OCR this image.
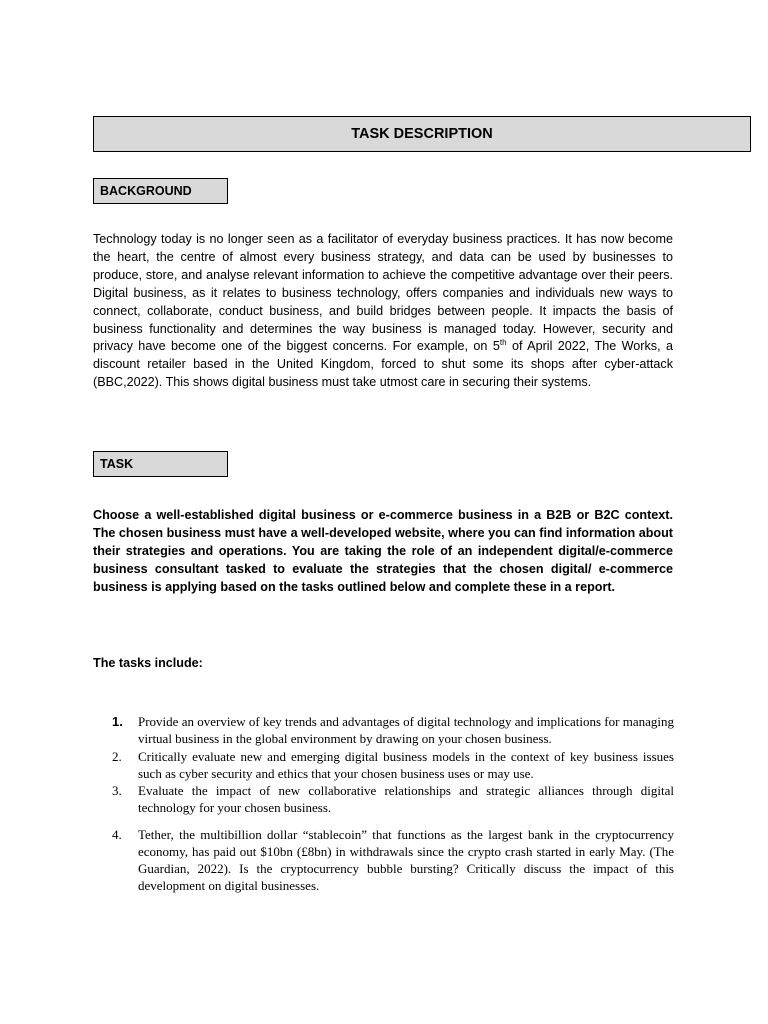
TASK DESCRIPTION
BACKGROUND
Technology today is no longer seen as a facilitator of everyday business practices. It has now become the heart, the centre of almost every business strategy, and data can be used by businesses to produce, store, and analyse relevant information to achieve the competitive advantage over their peers. Digital business, as it relates to business technology, offers companies and individuals new ways to connect, collaborate, conduct business, and build bridges between people. It impacts the basis of business functionality and determines the way business is managed today. However, security and privacy have become one of the biggest concerns. For example, on 5th of April 2022, The Works, a discount retailer based in the United Kingdom, forced to shut some its shops after cyber-attack (BBC,2022). This shows digital business must take utmost care in securing their systems.
TASK
Choose a well-established digital business or e-commerce business in a B2B or B2C context. The chosen business must have a well-developed website, where you can find information about their strategies and operations. You are taking the role of an independent digital/e-commerce business consultant tasked to evaluate the strategies that the chosen digital/ e-commerce business is applying based on the tasks outlined below and complete these in a report.
The tasks include:
1.	Provide an overview of key trends and advantages of digital technology and implications for managing virtual business in the global environment by drawing on your chosen business.
2.	Critically evaluate new and emerging digital business models in the context of key business issues such as cyber security and ethics that your chosen business uses or may use.
3.	Evaluate the impact of new collaborative relationships and strategic alliances through digital technology for your chosen business.
4.	Tether, the multibillion dollar “stablecoin” that functions as the largest bank in the cryptocurrency economy, has paid out $10bn (£8bn) in withdrawals since the crypto crash started in early May. (The Guardian, 2022). Is the cryptocurrency bubble bursting? Critically discuss the impact of this development on digital businesses.
